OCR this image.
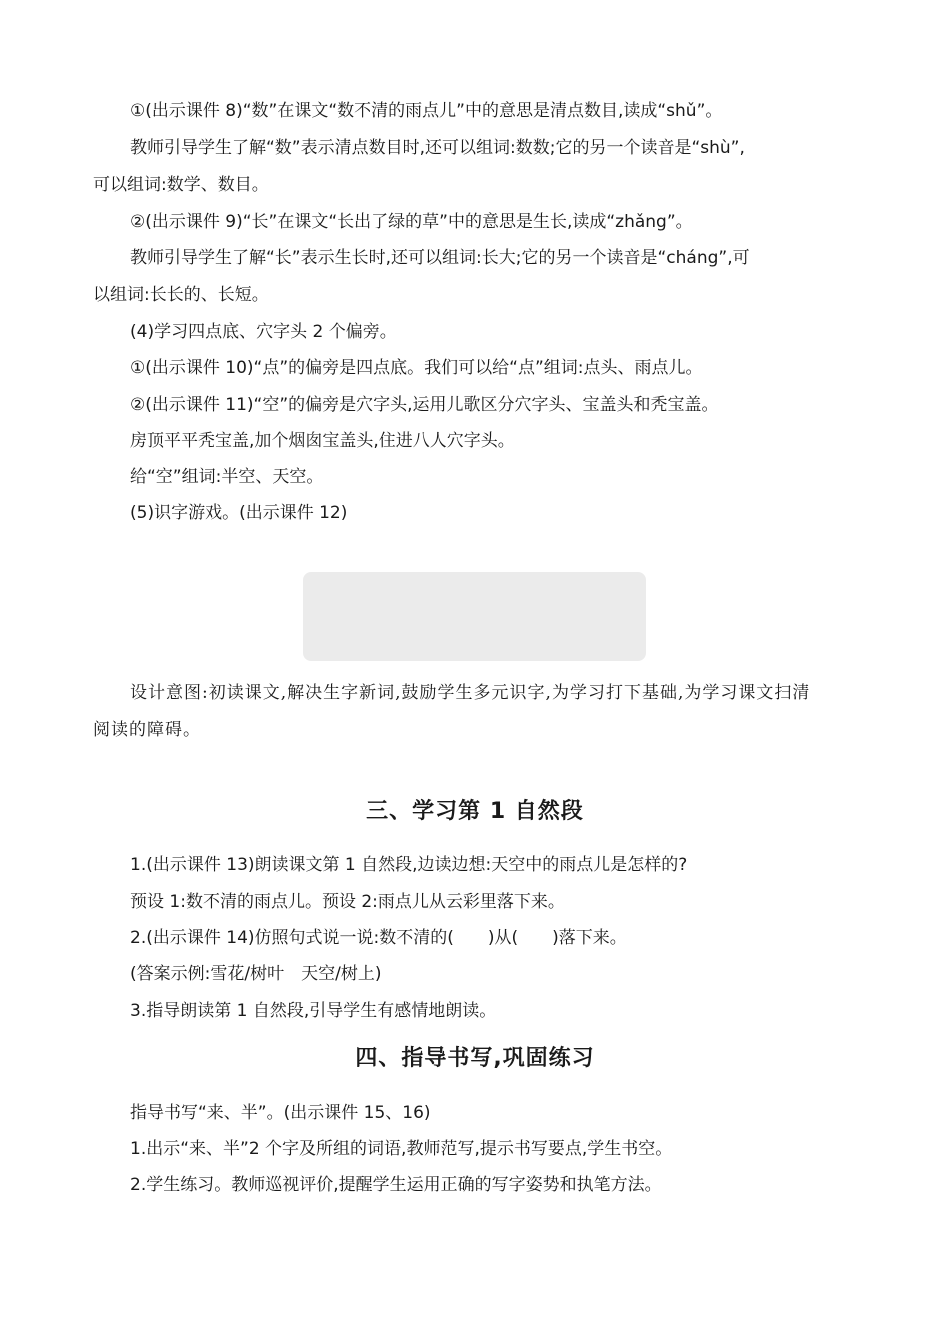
①(出示课件 8)“数”在课文“数不清的雨点儿”中的意思是清点数目,读成“shǔ”。
教师引导学生了解“数”表示清点数目时,还可以组词:数数;它的另一个读音是“shù”,
可以组词:数学、数目。
②(出示课件 9)“长”在课文“长出了绿的草”中的意思是生长,读成“zhǎng”。
教师引导学生了解“长”表示生长时,还可以组词:长大;它的另一个读音是“cháng”,可
以组词:长长的、长短。
(4)学习四点底、穴字头 2 个偏旁。
①(出示课件 10)“点”的偏旁是四点底。我们可以给“点”组词:点头、雨点儿。
②(出示课件 11)“空”的偏旁是穴字头,运用儿歌区分穴字头、宝盖头和秃宝盖。
房顶平平秃宝盖,加个烟囱宝盖头,住进八人穴字头。
给“空”组词:半空、天空。
(5)识字游戏。(出示课件 12)
设计意图:初读课文,解决生字新词,鼓励学生多元识字,为学习打下基础,为学习课文扫清
阅读的障碍。
三、学习第 1 自然段
1.(出示课件 13)朗读课文第 1 自然段,边读边想:天空中的雨点儿是怎样的?
预设 1:数不清的雨点儿。预设 2:雨点儿从云彩里落下来。
2.(出示课件 14)仿照句式说一说:数不清的(　　)从(　　)落下来。
(答案示例:雪花/树叶　天空/树上)
3.指导朗读第 1 自然段,引导学生有感情地朗读。
四、指导书写,巩固练习
指导书写“来、半”。(出示课件 15、16)
1.出示“来、半”2 个字及所组的词语,教师范写,提示书写要点,学生书空。
2.学生练习。教师巡视评价,提醒学生运用正确的写字姿势和执笔方法。
